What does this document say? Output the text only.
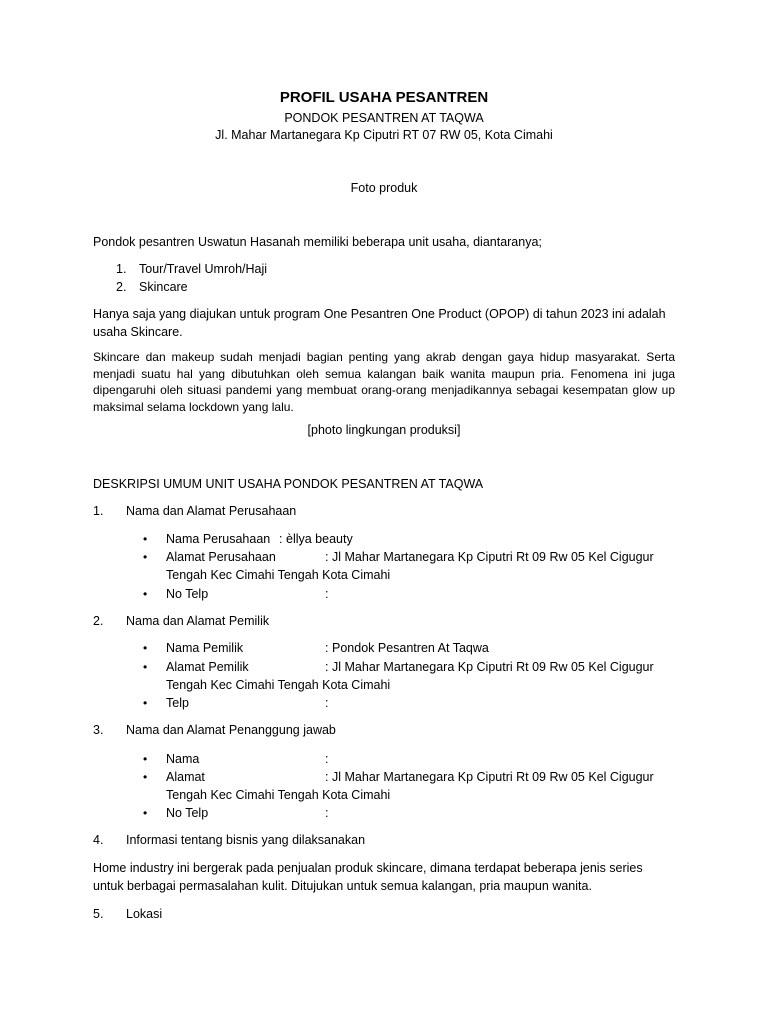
PROFIL USAHA PESANTREN
PONDOK PESANTREN AT TAQWA
Jl. Mahar Martanegara Kp Ciputri RT 07 RW 05, Kota Cimahi
Foto produk
Pondok pesantren Uswatun Hasanah memiliki beberapa unit usaha, diantaranya;
1. Tour/Travel Umroh/Haji
2. Skincare
Hanya saja yang diajukan untuk program One Pesantren One Product (OPOP) di tahun 2023 ini adalah
usaha Skincare.
Skincare dan makeup sudah menjadi bagian penting yang akrab dengan gaya hidup masyarakat. Serta menjadi suatu hal yang dibutuhkan oleh semua kalangan baik wanita maupun pria. Fenomena ini juga dipengaruhi oleh situasi pandemi yang membuat orang-orang menjadikannya sebagai kesempatan glow up maksimal selama lockdown yang lalu.
[photo lingkungan produksi]
DESKRIPSI UMUM UNIT USAHA PONDOK PESANTREN AT TAQWA
1. Nama dan Alamat Perusahaan
• Nama Perusahaan : èllya beauty
• Alamat Perusahaan	: Jl Mahar Martanegara Kp Ciputri Rt 09 Rw 05 Kel Cigugur
Tengah Kec Cimahi Tengah Kota Cimahi
• No Telp	:
2. Nama dan Alamat Pemilik
• Nama Pemilik	: Pondok Pesantren At Taqwa
• Alamat Pemilik	: Jl Mahar Martanegara Kp Ciputri Rt 09 Rw 05 Kel Cigugur
Tengah Kec Cimahi Tengah Kota Cimahi
• Telp	:
3. Nama dan Alamat Penanggung jawab
• Nama	:
• Alamat	: Jl Mahar Martanegara Kp Ciputri Rt 09 Rw 05 Kel Cigugur
Tengah Kec Cimahi Tengah Kota Cimahi
• No Telp	:
4. Informasi tentang bisnis yang dilaksanakan
Home industry ini bergerak pada penjualan produk skincare, dimana terdapat beberapa jenis series
untuk berbagai permasalahan kulit. Ditujukan untuk semua kalangan, pria maupun wanita.
5. Lokasi
